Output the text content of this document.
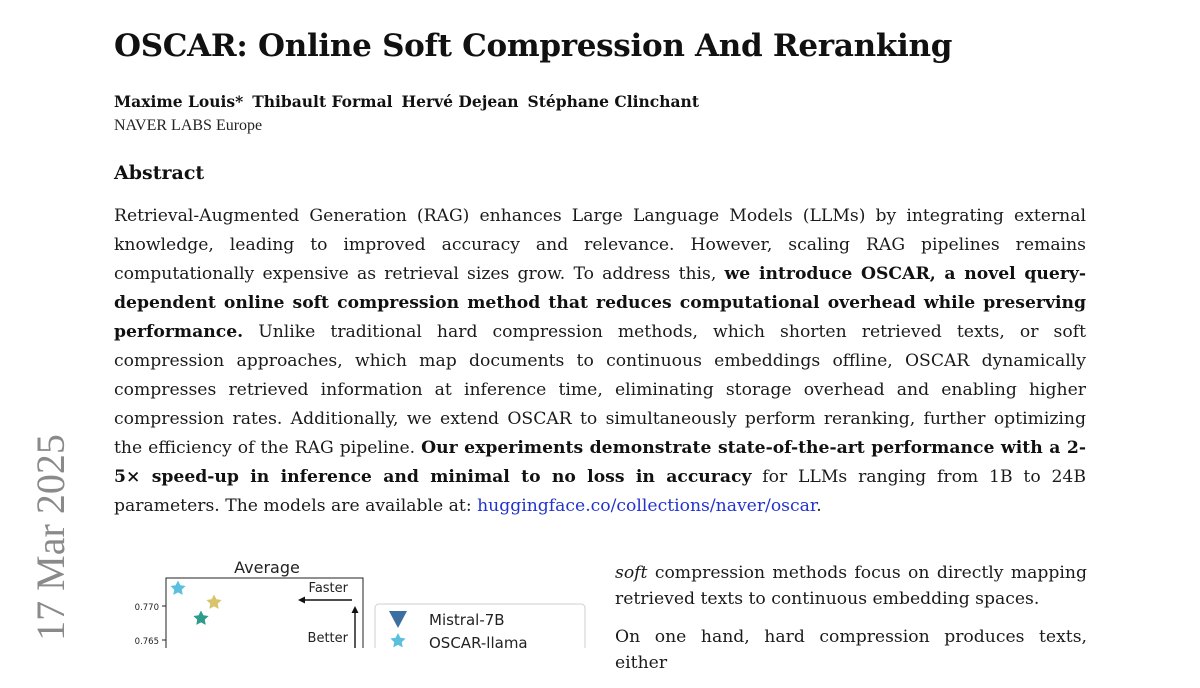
17 Mar 2025
OSCAR: Online Soft Compression And Reranking
Maxime Louis* Thibault Formal Hervé Dejean Stéphane Clinchant
NAVER LABS Europe
Abstract

Retrieval-Augmented Generation (RAG) enhances Large Language Models (LLMs) by integrating external knowledge, leading to improved accuracy and relevance. However, scaling RAG pipelines remains computationally expensive as retrieval sizes grow. To address this, we introduce OSCAR, a novel query-dependent online soft compression method that reduces computational overhead while preserving performance. Unlike traditional hard compression methods, which shorten retrieved texts, or soft compression approaches, which map documents to continuous embeddings offline, OSCAR dynamically compresses retrieved information at inference time, eliminating storage overhead and enabling higher compression rates. Additionally, we extend OSCAR to simultaneously perform reranking, further optimizing the efficiency of the RAG pipeline. Our experiments demonstrate state-of-the-art performance with a 2-5× speed-up in inference and minimal to no loss in accuracy for LLMs ranging from 1B to 24B parameters. The models are available at: huggingface.co/collections/naver/oscar.

Average
0.770
0.765
Faster
Better
Mistral-7B
OSCAR-llama

soft compression methods focus on directly mapping retrieved texts to continuous embedding spaces.

On one hand, hard compression produces texts, either
